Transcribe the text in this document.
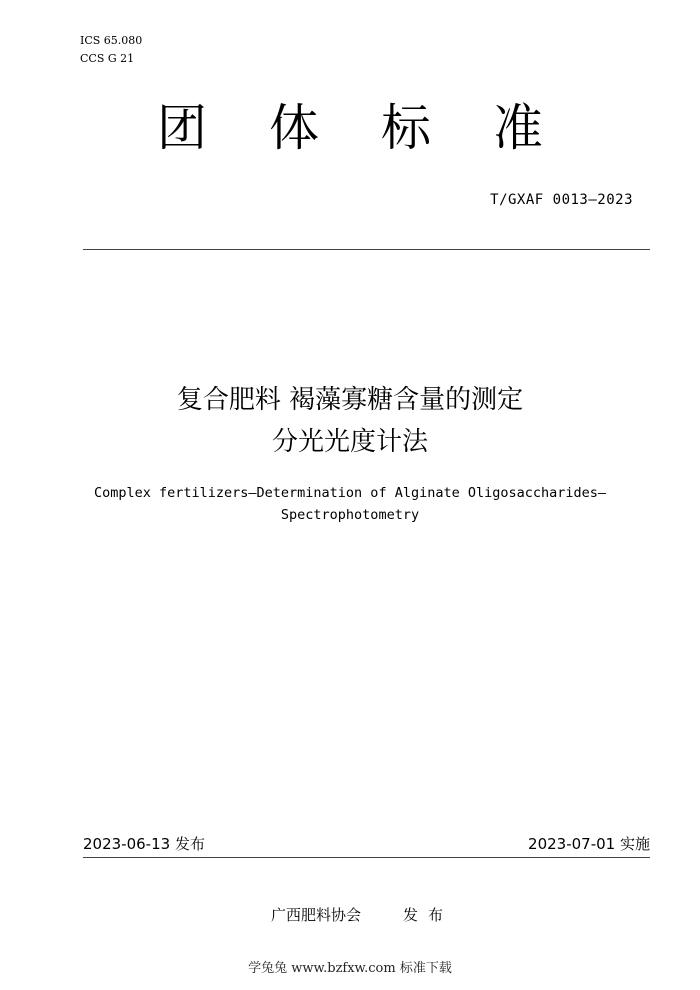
ICS 65.080
CCS G 21
团体标准
T/GXAF 0013—2023
复合肥料 褐藻寡糖含量的测定
分光光度计法
Complex fertilizers—Determination of Alginate Oligosaccharides—
Spectrophotometry
2023-06-13 发布	2023-07-01 实施
广西肥料协会	发布
学兔兔 www.bzfxw.com 标准下载
